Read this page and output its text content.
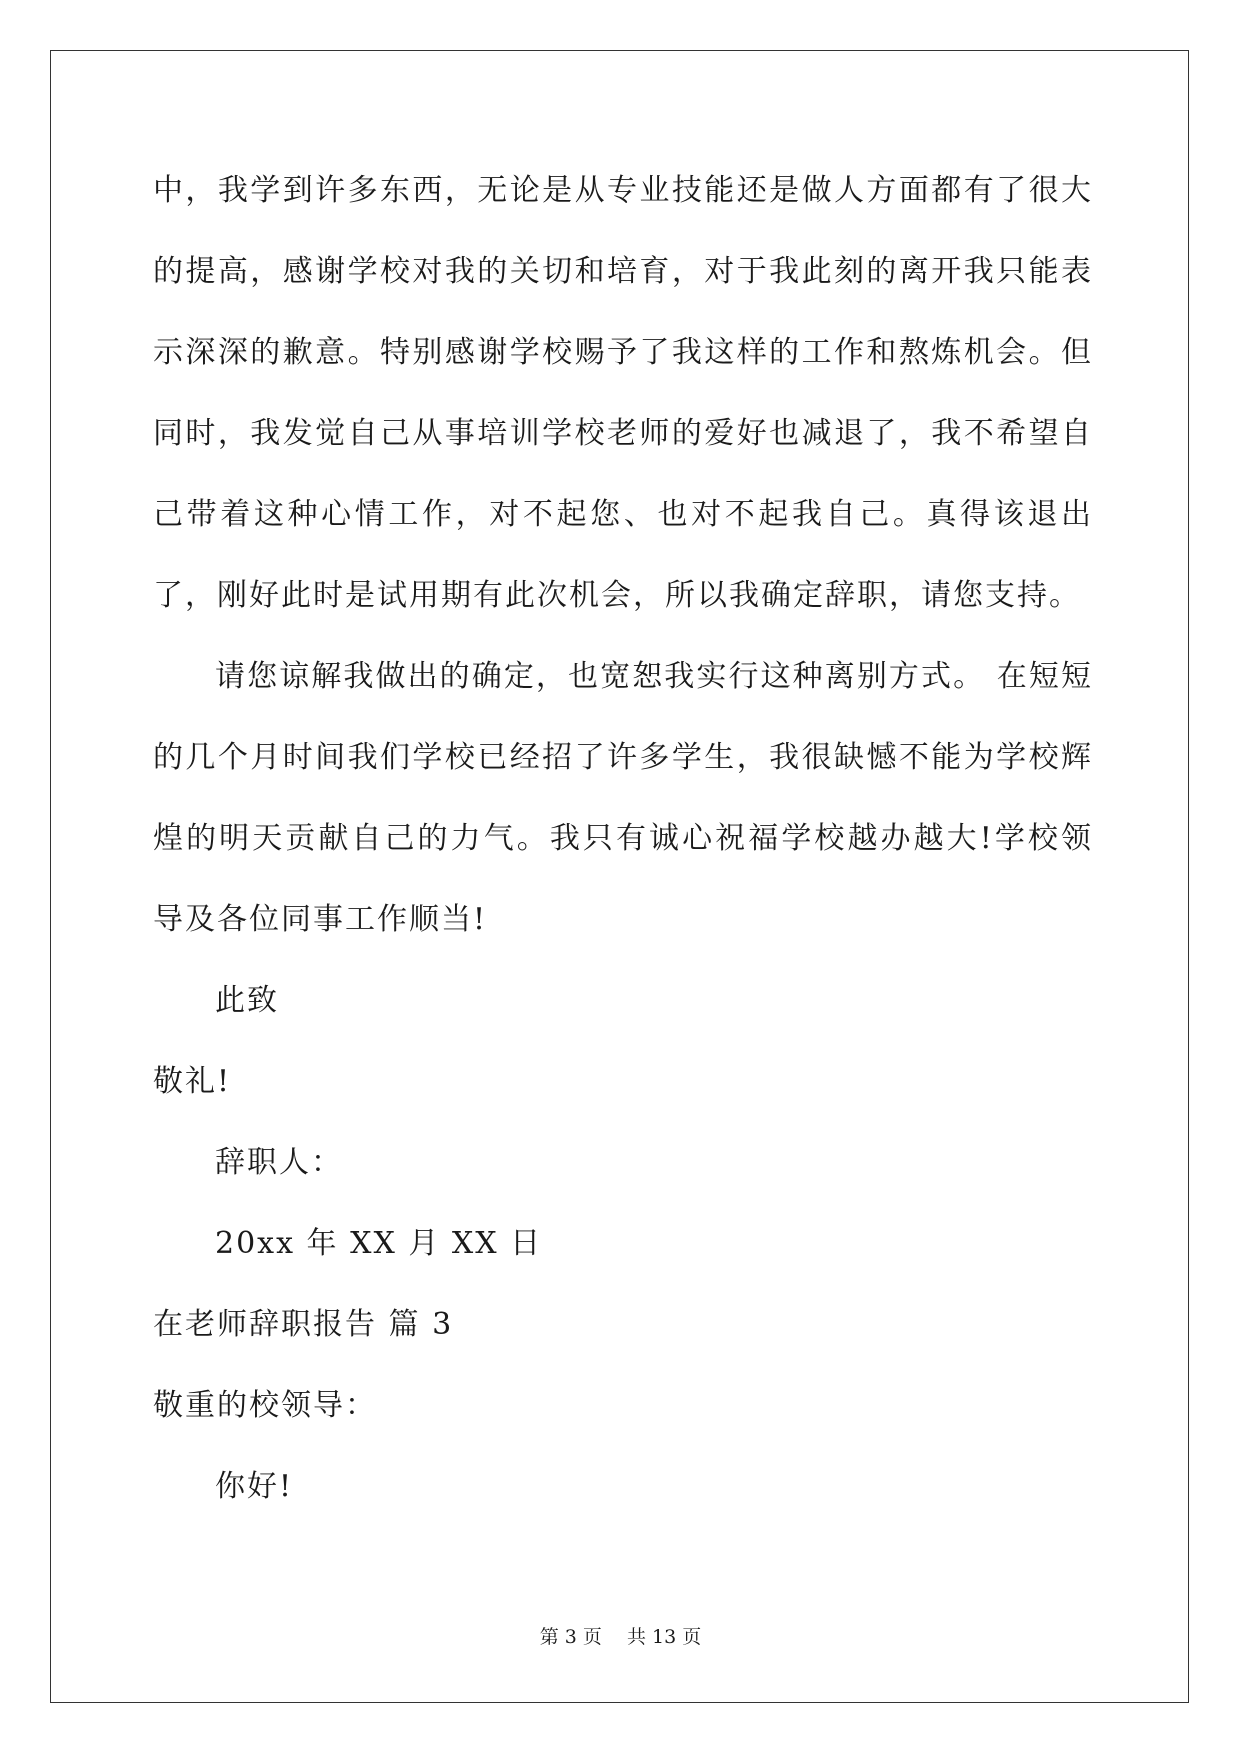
中，我学到许多东西，无论是从专业技能还是做人方面都有了很大的提高，感谢学校对我的关切和培育，对于我此刻的离开我只能表示深深的歉意。特别感谢学校赐予了我这样的工作和熬炼机会。但同时，我发觉自己从事培训学校老师的爱好也减退了，我不希望自己带着这种心情工作，对不起您、也对不起我自己。真得该退出了，刚好此时是试用期有此次机会，所以我确定辞职，请您支持。

请您谅解我做出的确定，也宽恕我实行这种离别方式。 在短短的几个月时间我们学校已经招了许多学生，我很缺憾不能为学校辉煌的明天贡献自己的力气。我只有诚心祝福学校越办越大!学校领导及各位同事工作顺当!

此致

敬礼!

辞职人：

20xx 年 XX 月 XX 日

在老师辞职报告 篇 3

敬重的校领导：

你好!

第 3 页　 共 13 页
